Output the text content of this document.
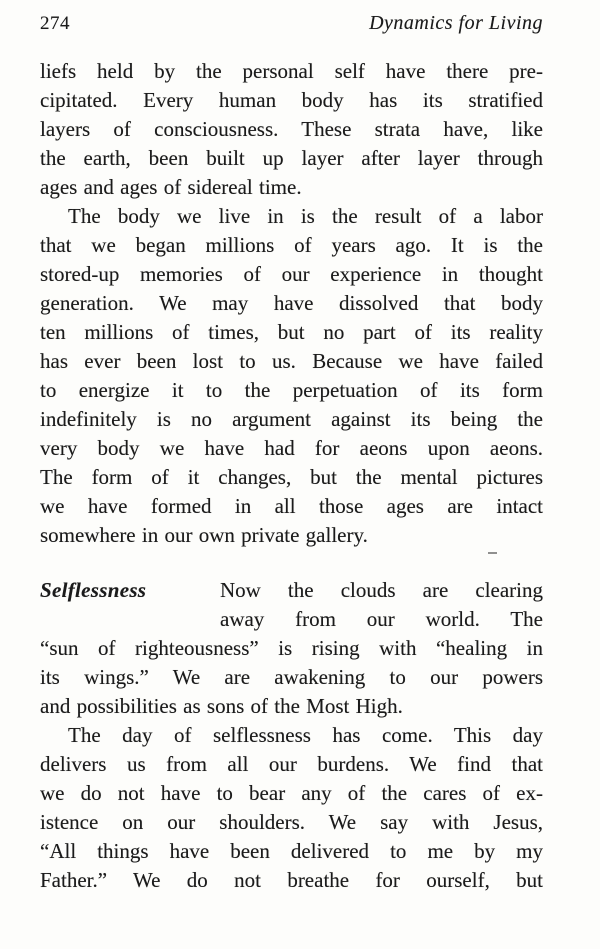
274	Dynamics for Living
liefs held by the personal self have there pre-
cipitated. Every human body has its stratified
layers of consciousness. These strata have, like
the earth, been built up layer after layer through
ages and ages of sidereal time.
The body we live in is the result of a labor
that we began millions of years ago. It is the
stored-up memories of our experience in thought
generation. We may have dissolved that body
ten millions of times, but no part of its reality
has ever been lost to us. Because we have failed
to energize it to the perpetuation of its form
indefinitely is no argument against its being the
very body we have had for aeons upon aeons.
The form of it changes, but the mental pictures
we have formed in all those ages are intact
somewhere in our own private gallery.
Selflessness	Now the clouds are clearing
away from our world. The
“sun of righteousness” is rising with “healing in
its wings.” We are awakening to our powers
and possibilities as sons of the Most High.
The day of selflessness has come. This day
delivers us from all our burdens. We find that
we do not have to bear any of the cares of ex-
istence on our shoulders. We say with Jesus,
“All things have been delivered to me by my
Father.” We do not breathe for ourself, but
